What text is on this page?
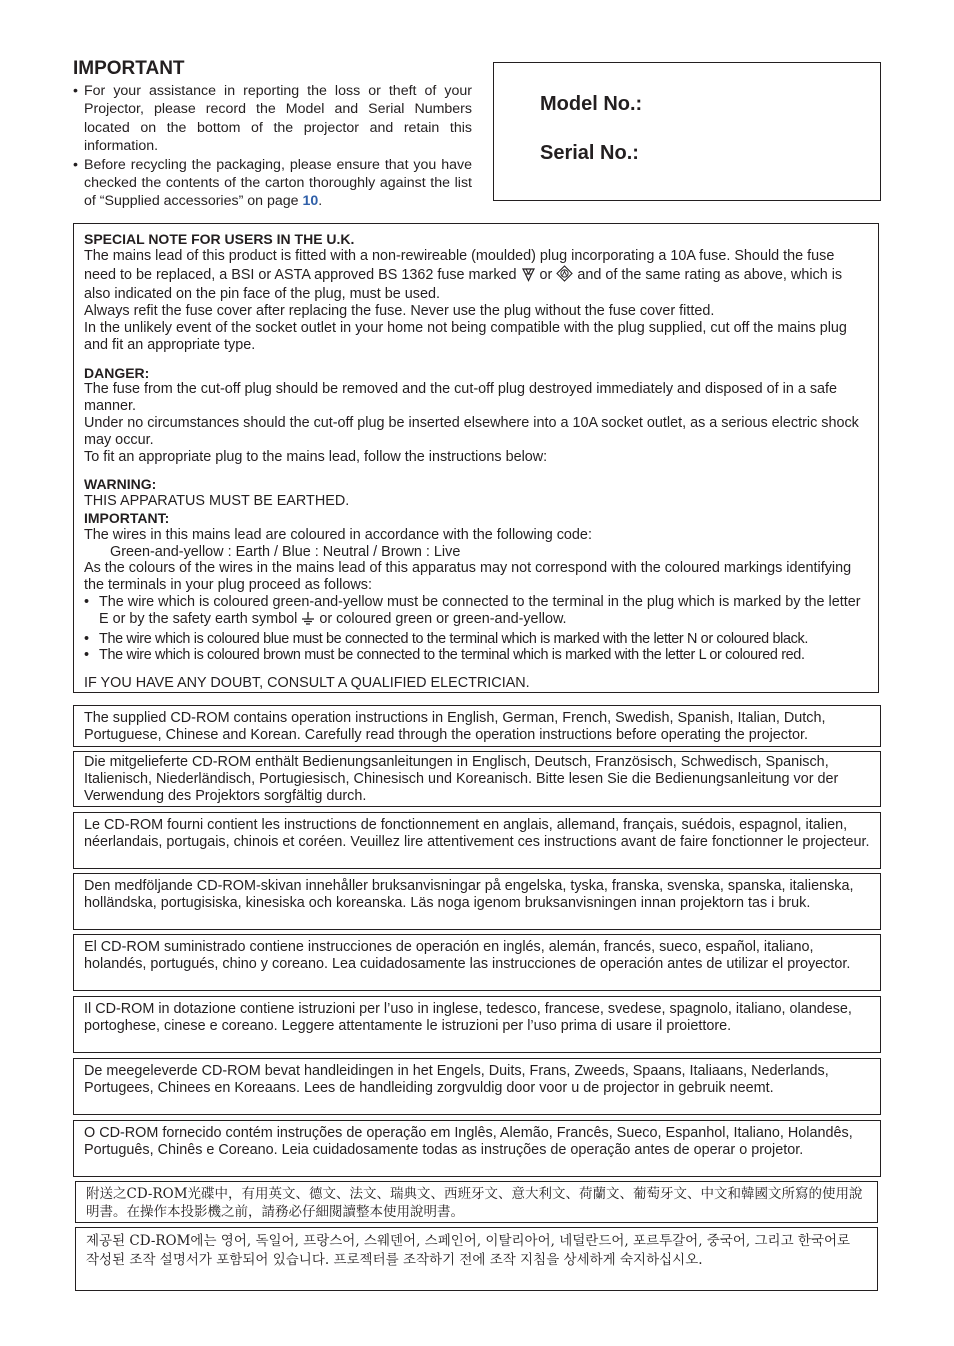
IMPORTANT
• For your assistance in reporting the loss or theft of your Projector, please record the Model and Serial Numbers located on the bottom of the projector and retain this information.
• Before recycling the packaging, please ensure that you have checked the contents of the carton thoroughly against the list of “Supplied accessories” on page 10.
Model No.:
Serial No.:
SPECIAL NOTE FOR USERS IN THE U.K.
The mains lead of this product is fitted with a non-rewireable (moulded) plug incorporating a 10A fuse. Should the fuse need to be replaced, a BSI or ASTA approved BS 1362 fuse marked  or  and of the same rating as above, which is also indicated on the pin face of the plug, must be used.
Always refit the fuse cover after replacing the fuse. Never use the plug without the fuse cover fitted.
In the unlikely event of the socket outlet in your home not being compatible with the plug supplied, cut off the mains plug and fit an appropriate type.
DANGER:
The fuse from the cut-off plug should be removed and the cut-off plug destroyed immediately and disposed of in a safe manner.
Under no circumstances should the cut-off plug be inserted elsewhere into a 10A socket outlet, as a serious electric shock may occur.
To fit an appropriate plug to the mains lead, follow the instructions below:
WARNING:
THIS APPARATUS MUST BE EARTHED.
IMPORTANT:
The wires in this mains lead are coloured in accordance with the following code:
Green-and-yellow : Earth / Blue : Neutral / Brown : Live
As the colours of the wires in the mains lead of this apparatus may not correspond with the coloured markings identifying the terminals in your plug proceed as follows:
• The wire which is coloured green-and-yellow must be connected to the terminal in the plug which is marked by the letter E or by the safety earth symbol  or coloured green or green-and-yellow.
• The wire which is coloured blue must be connected to the terminal which is marked with the letter N or coloured black.
• The wire which is coloured brown must be connected to the terminal which is marked with the letter L or coloured red.
IF YOU HAVE ANY DOUBT, CONSULT A QUALIFIED ELECTRICIAN.
The supplied CD-ROM contains operation instructions in English, German, French, Swedish, Spanish, Italian, Dutch, Portuguese, Chinese and Korean. Carefully read through the operation instructions before operating the projector.
Die mitgelieferte CD-ROM enthält Bedienungsanleitungen in Englisch, Deutsch, Französisch, Schwedisch, Spanisch, Italienisch, Niederländisch, Portugiesisch, Chinesisch und Koreanisch. Bitte lesen Sie die Bedienungsanleitung vor der Verwendung des Projektors sorgfältig durch.
Le CD-ROM fourni contient les instructions de fonctionnement en anglais, allemand, français, suédois, espagnol, italien, néerlandais, portugais, chinois et coréen. Veuillez lire attentivement ces instructions avant de faire fonctionner le projecteur.
Den medföljande CD-ROM-skivan innehåller bruksanvisningar på engelska, tyska, franska, svenska, spanska, italienska, holländska, portugisiska, kinesiska och koreanska. Läs noga igenom bruksanvisningen innan projektorn tas i bruk.
El CD-ROM suministrado contiene instrucciones de operación en inglés, alemán, francés, sueco, español, italiano, holandés, portugués, chino y coreano. Lea cuidadosamente las instrucciones de operación antes de utilizar el proyector.
Il CD-ROM in dotazione contiene istruzioni per l’uso in inglese, tedesco, francese, svedese, spagnolo, italiano, olandese, portoghese, cinese e coreano. Leggere attentamente le istruzioni per l’uso prima di usare il proiettore.
De meegeleverde CD-ROM bevat handleidingen in het Engels, Duits, Frans, Zweeds, Spaans, Italiaans, Nederlands, Portugees, Chinees en Koreaans. Lees de handleiding zorgvuldig door voor u de projector in gebruik neemt.
O CD-ROM fornecido contém instruções de operação em Inglês, Alemão, Francês, Sueco, Espanhol, Italiano, Holandês, Português, Chinês e Coreano. Leia cuidadosamente todas as instruções de operação antes de operar o projetor.
附送之CD-ROM光碟中，有用英文、德文、法文、瑞典文、西班牙文、意大利文、荷蘭文、葡萄牙文、中文和韓國文所寫的使用說明書。在操作本投影機之前，請務必仔細閱讀整本使用說明書。
제공된 CD-ROM에는 영어, 독일어, 프랑스어, 스웨덴어, 스페인어, 이탈리아어, 네덜란드어, 포르투갈어, 중국어, 그리고 한국어로 작성된 조작 설명서가 포함되어 있습니다. 프로젝터를 조작하기 전에 조작 지침을 상세하게 숙지하십시오.
